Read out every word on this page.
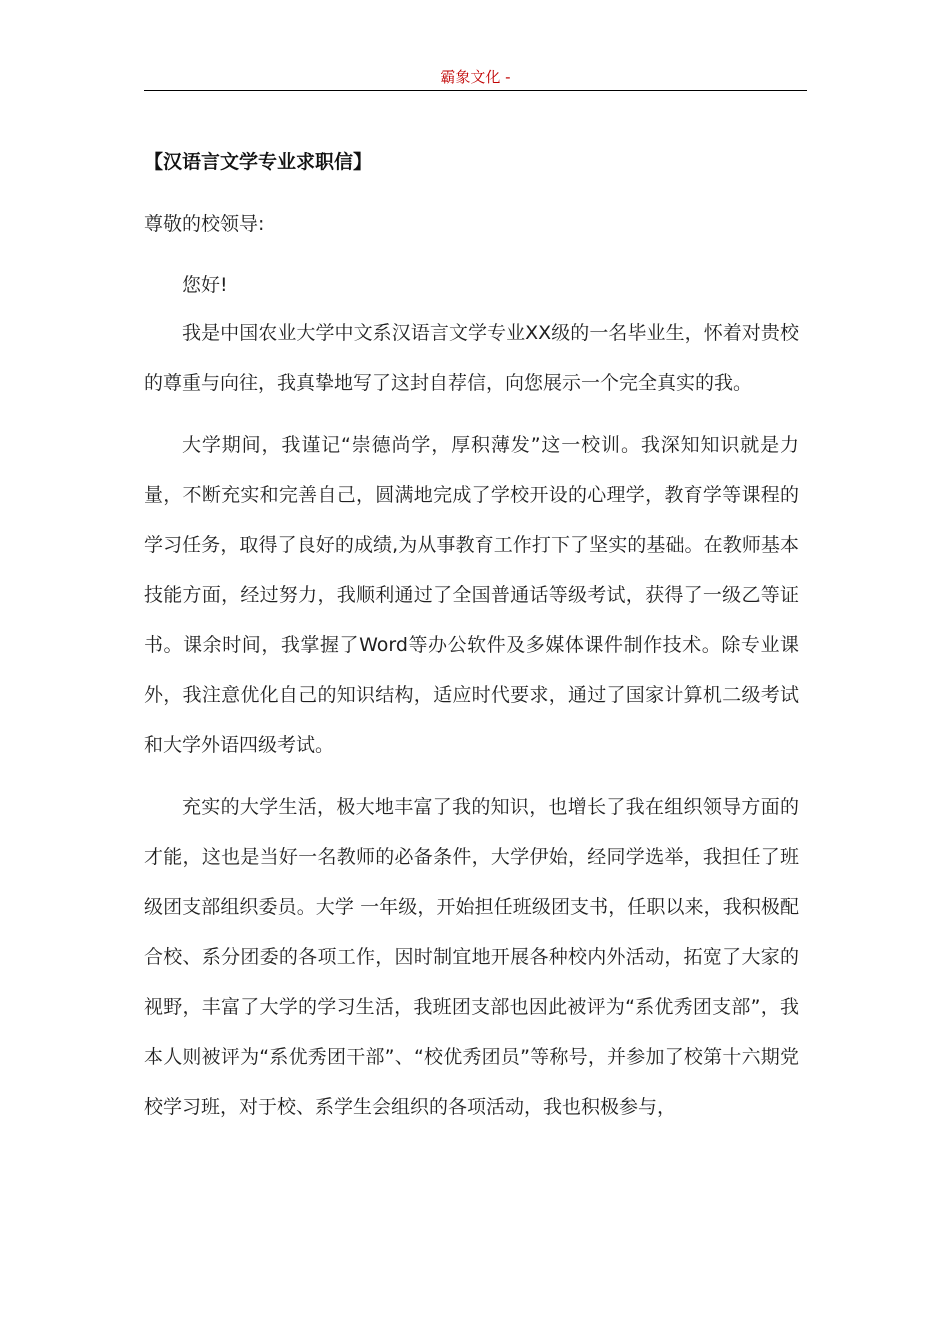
霸象文化 -

【汉语言文学专业求职信】

尊敬的校领导:

您好!

我是中国农业大学中文系汉语言文学专业XX级的一名毕业生，怀着对贵校的尊重与向往，我真挚地写了这封自荐信，向您展示一个完全真实的我。

大学期间，我谨记“崇德尚学，厚积薄发”这一校训。我深知知识就是力量，不断充实和完善自己，圆满地完成了学校开设的心理学，教育学等课程的学习任务，取得了良好的成绩,为从事教育工作打下了坚实的基础。在教师基本技能方面，经过努力，我顺利通过了全国普通话等级考试，获得了一级乙等证书。课余时间，我掌握了Word等办公软件及多媒体课件制作技术。除专业课外，我注意优化自己的知识结构，适应时代要求，通过了国家计算机二级考试和大学外语四级考试。

充实的大学生活，极大地丰富了我的知识，也增长了我在组织领导方面的才能，这也是当好一名教师的必备条件，大学伊始，经同学选举，我担任了班级团支部组织委员。大学 一年级，开始担任班级团支书，任职以来，我积极配合校、系分团委的各项工作，因时制宜地开展各种校内外活动，拓宽了大家的视野，丰富了大学的学习生活，我班团支部也因此被评为“系优秀团支部”，我本人则被评为“系优秀团干部”、“校优秀团员”等称号，并参加了校第十六期党校学习班，对于校、系学生会组织的各项活动，我也积极参与，
